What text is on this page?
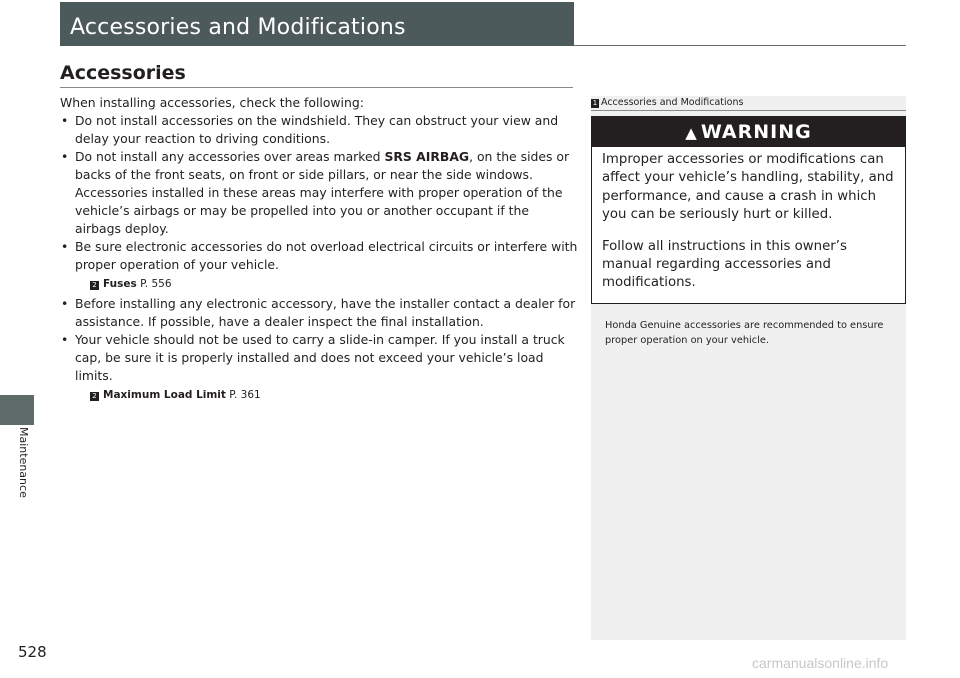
Accessories and Modifications
Maintenance
528
Accessories

When installing accessories, check the following:

• Do not install accessories on the windshield. They can obstruct your view and delay your reaction to driving conditions.
• Do not install any accessories over areas marked SRS AIRBAG, on the sides or backs of the front seats, on front or side pillars, or near the side windows. Accessories installed in these areas may interfere with proper operation of the vehicle’s airbags or may be propelled into you or another occupant if the airbags deploy.
• Be sure electronic accessories do not overload electrical circuits or interfere with proper operation of your vehicle.
2 Fuses P. 556
• Before installing any electronic accessory, have the installer contact a dealer for assistance. If possible, have a dealer inspect the final installation.
• Your vehicle should not be used to carry a slide-in camper. If you install a truck cap, be sure it is properly installed and does not exceed your vehicle’s load limits.
2 Maximum Load Limit P. 361
1 Accessories and Modifications
▲ WARNING

Improper accessories or modifications can affect your vehicle’s handling, stability, and performance, and cause a crash in which you can be seriously hurt or killed.

Follow all instructions in this owner’s manual regarding accessories and modifications.

Honda Genuine accessories are recommended to ensure proper operation on your vehicle.
carmanualsonline.info
